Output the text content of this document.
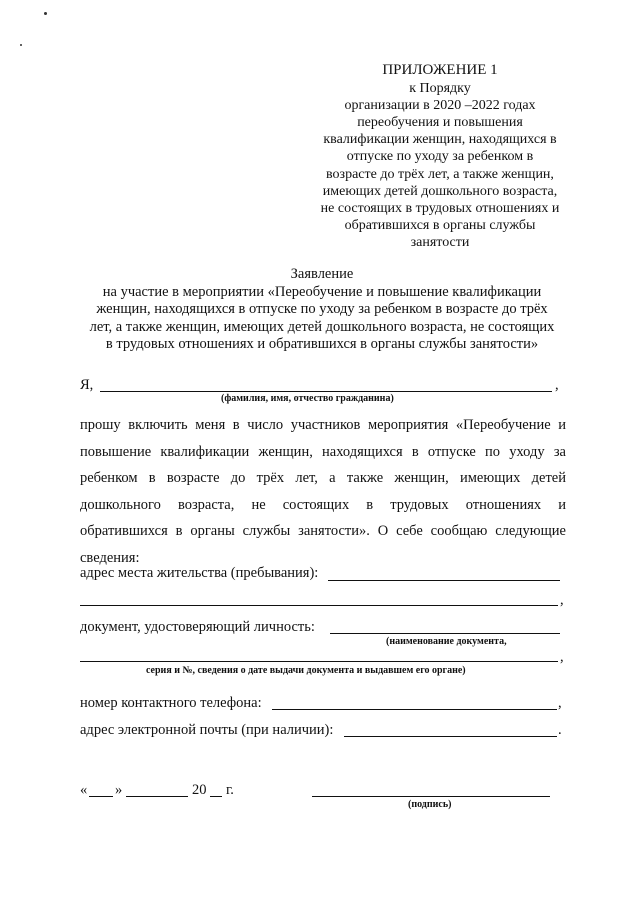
ПРИЛОЖЕНИЕ 1
к Порядку
организации в 2020 –2022 годах
переобучения и повышения
квалификации женщин, находящихся в
отпуске по уходу за ребенком в
возрасте до трёх лет, а также женщин,
имеющих детей дошкольного возраста,
не состоящих в трудовых отношениях и
обратившихся в органы службы
занятости
Заявление
на участие в мероприятии «Переобучение и повышение квалификации
женщин, находящихся в отпуске по уходу за ребенком в возрасте до трёх
лет, а также женщин, имеющих детей дошкольного возраста, не состоящих
в трудовых отношениях и обратившихся в органы службы занятости»
Я,	,
(фамилия, имя, отчество гражданина)
прошу включить меня в число участников мероприятия «Переобучение и
повышение квалификации женщин, находящихся в отпуске по уходу за
ребенком в возрасте до трёх лет, а также женщин, имеющих детей
дошкольного возраста, не состоящих в трудовых отношениях и
обратившихся в органы службы занятости». О себе сообщаю следующие
сведения:
адрес места жительства (пребывания):
,
документ, удостоверяющий личность:
(наименование документа,
,
серия и №, сведения о дате выдачи документа и выдавшем его органе)
номер контактного телефона:	,
адрес электронной почты (при наличии):	.
« »	20 г.
(подпись)
